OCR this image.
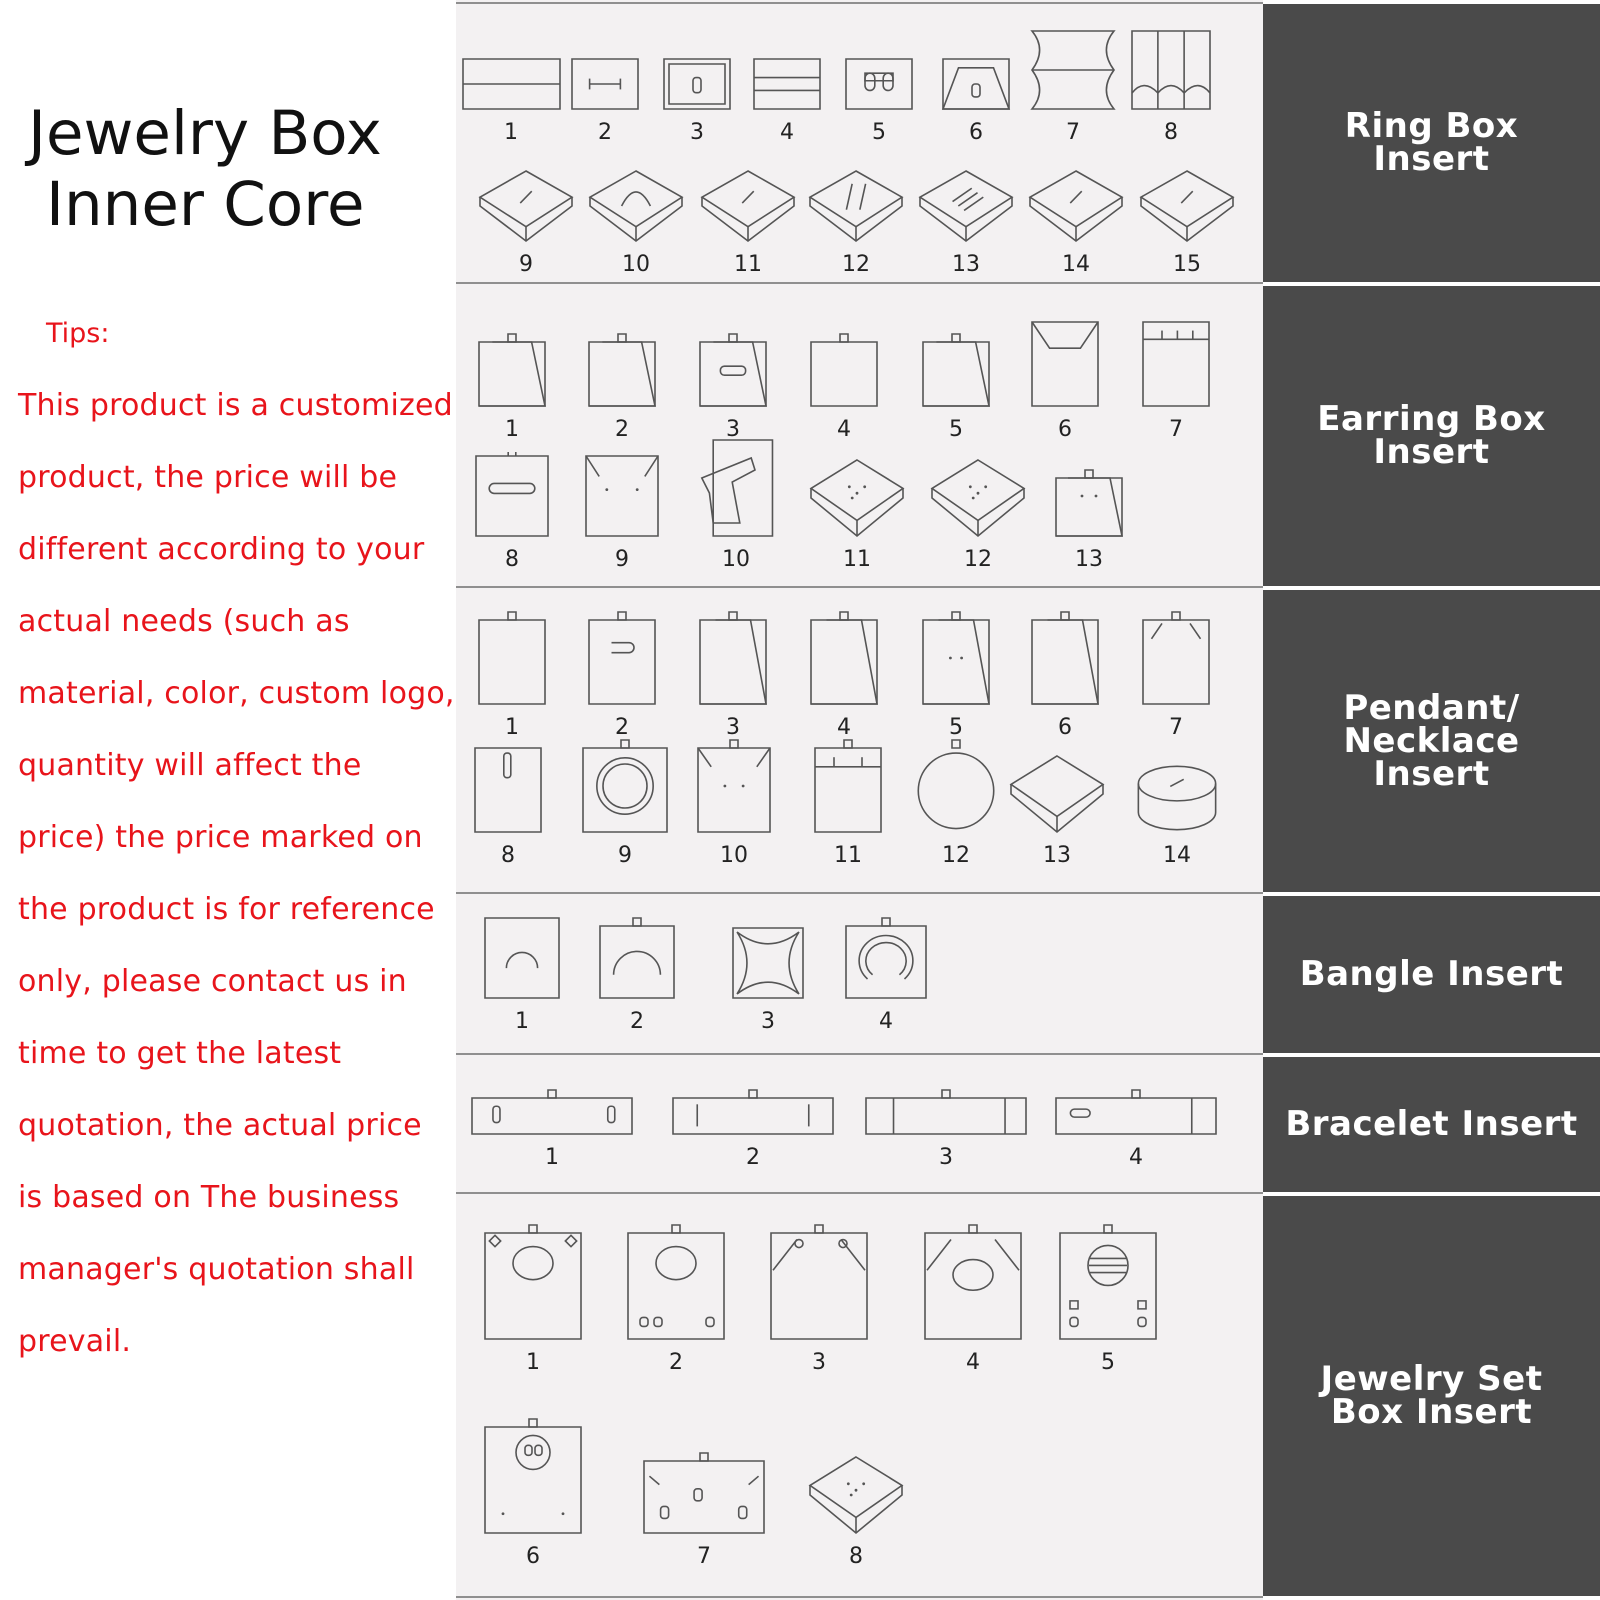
Jewelry Box
Inner Core
Tips:
This product is a customized
product, the price will be
different according to your
actual needs (such as
material, color, custom logo,
quantity will affect the
price) the price marked on
the product is for reference
only, please contact us in
time to get the latest
quotation, the actual price
is based on The business
manager's quotation shall
prevail.
1	2	3	4	5	6	7	8
9	10	11	12	13	14	15
1	2	3	4	5	6	7
8	9	10	11	12	13
1	2	3	4	5	6	7
8	9	10	11	12	13	14
1	2	3	4
1	2	3	4
1	2	3	4	5
6	7	8
Ring Box
Insert
Earring Box
Insert
Pendant/
Necklace
Insert
Bangle Insert
Bracelet Insert
Jewelry Set
Box Insert
